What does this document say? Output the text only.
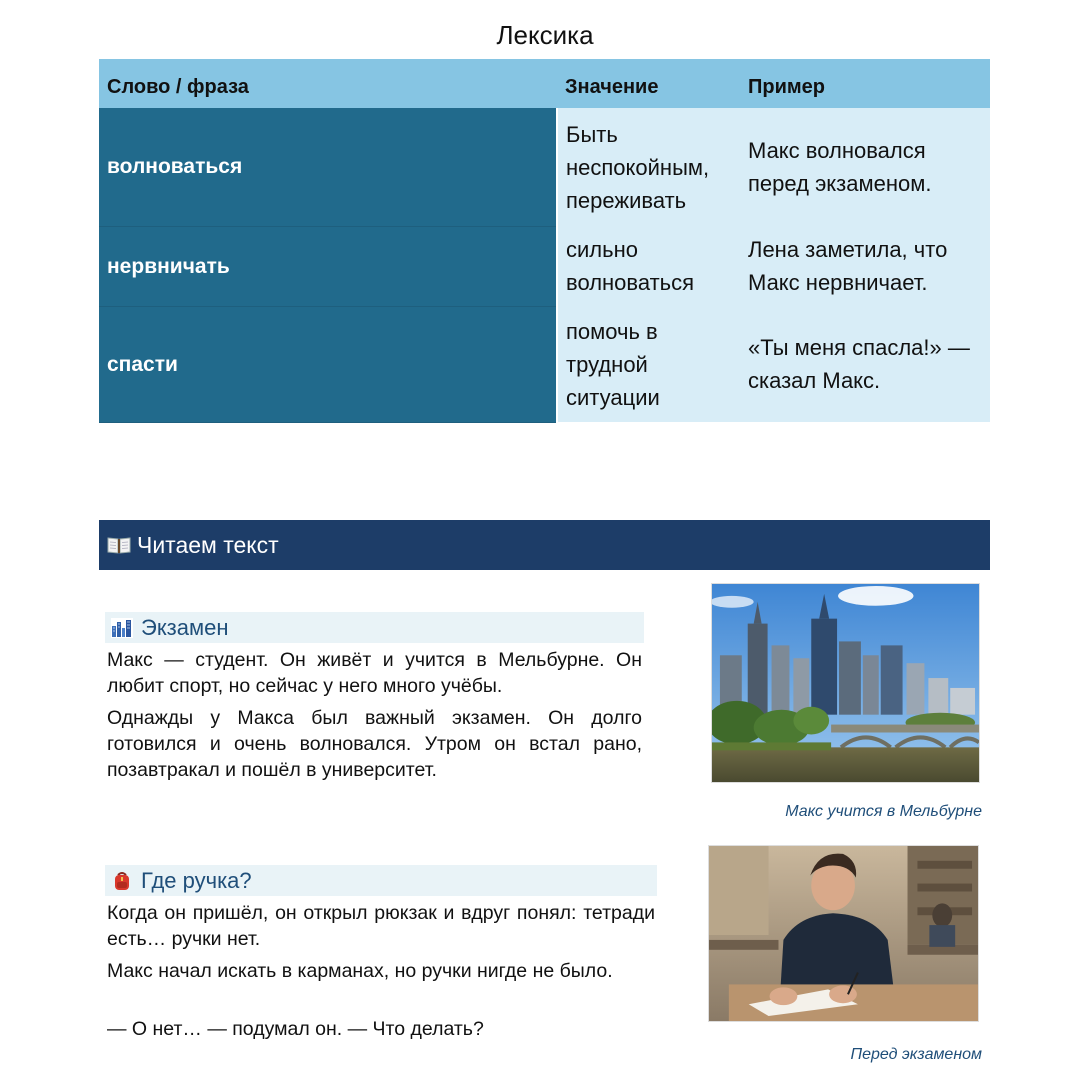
Лексика
Слово / фраза	Значение	Пример
волноваться	Быть неспокойным, переживать	Макс волновался перед экзаменом.
нервничать	сильно волноваться	Лена заметила, что Макс нервничает.
спасти	помочь в трудной ситуации	«Ты меня спасла!» — сказал Макс.
Читаем текст
Экзамен
Макс — студент. Он живёт и учится в Мельбурне. Он любит спорт, но сейчас у него много учёбы.
Однажды у Макса был важный экзамен. Он долго готовился и очень волновался. Утром он встал рано, позавтракал и пошёл в университет.
Макс учится в Мельбурне
Где ручка?
Когда он пришёл, он открыл рюкзак и вдруг понял: тетради есть… ручки нет.
Макс начал искать в карманах, но ручки нигде не было.
— О нет… — подумал он. — Что делать?
Перед экзаменом
